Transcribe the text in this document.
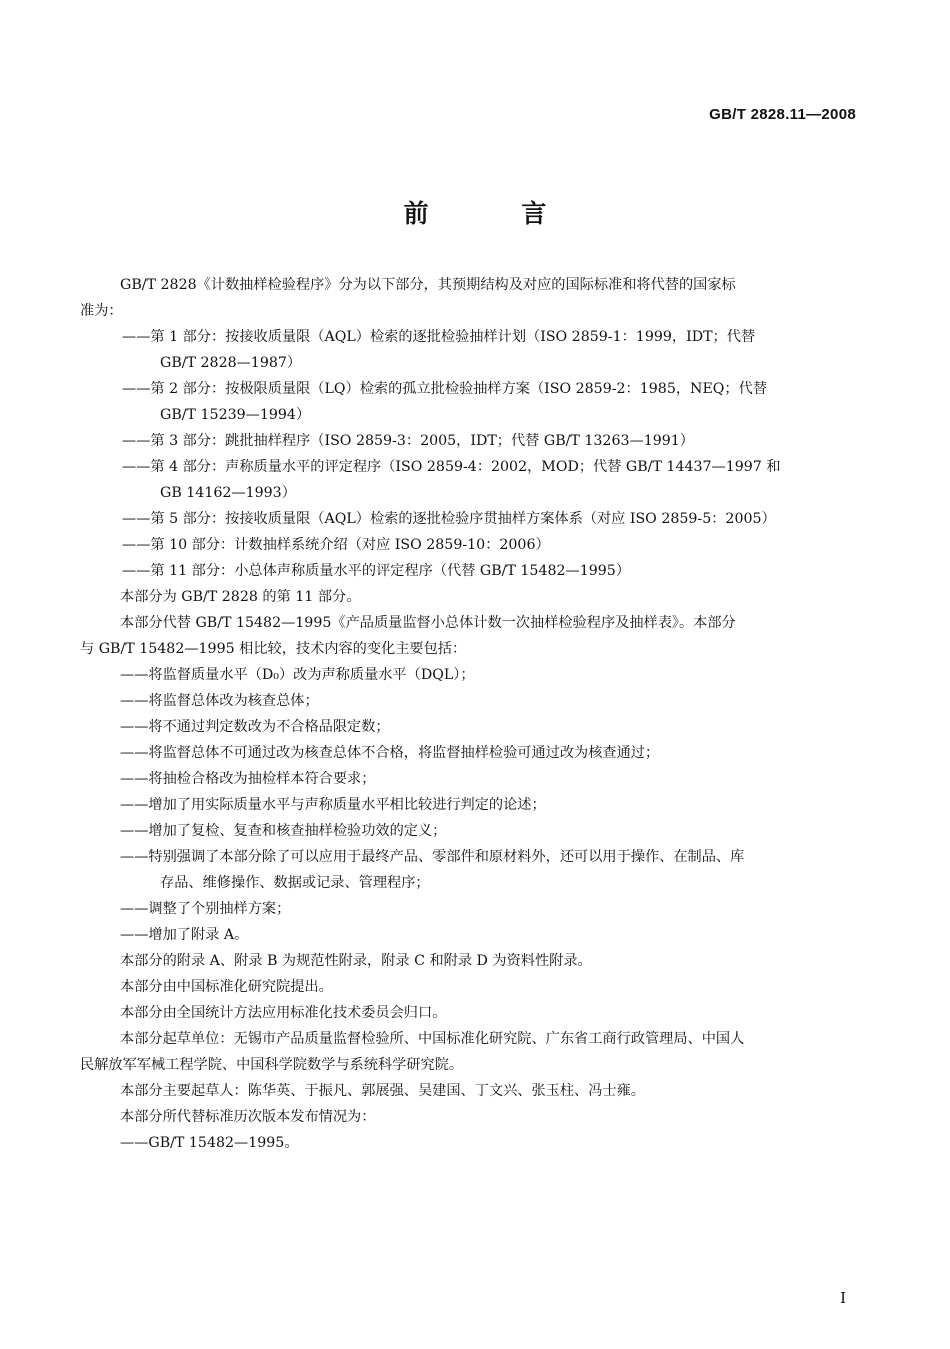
GB/T 2828.11—2008
前 言

GB/T 2828《计数抽样检验程序》分为以下部分，其预期结构及对应的国际标准和将代替的国家标

准为：

——第 1 部分：按接收质量限（AQL）检索的逐批检验抽样计划（ISO 2859-1：1999，IDT；代替

GB/T 2828—1987）

——第 2 部分：按极限质量限（LQ）检索的孤立批检验抽样方案（ISO 2859-2：1985，NEQ；代替

GB/T 15239—1994）

——第 3 部分：跳批抽样程序（ISO 2859-3：2005，IDT；代替 GB/T 13263—1991）

——第 4 部分：声称质量水平的评定程序（ISO 2859-4：2002，MOD；代替 GB/T 14437—1997 和

GB 14162—1993）

——第 5 部分：按接收质量限（AQL）检索的逐批检验序贯抽样方案体系（对应 ISO 2859-5：2005）

——第 10 部分：计数抽样系统介绍（对应 ISO 2859-10：2006）

——第 11 部分：小总体声称质量水平的评定程序（代替 GB/T 15482—1995）

本部分为 GB/T 2828 的第 11 部分。

本部分代替 GB/T 15482—1995《产品质量监督小总体计数一次抽样检验程序及抽样表》。本部分

与 GB/T 15482—1995 相比较，技术内容的变化主要包括：

——将监督质量水平（D₀）改为声称质量水平（DQL）；

——将监督总体改为核查总体；

——将不通过判定数改为不合格品限定数；

——将监督总体不可通过改为核查总体不合格，将监督抽样检验可通过改为核查通过；

——将抽检合格改为抽检样本符合要求；

——增加了用实际质量水平与声称质量水平相比较进行判定的论述；

——增加了复检、复查和核查抽样检验功效的定义；

——特别强调了本部分除了可以应用于最终产品、零部件和原材料外，还可以用于操作、在制品、库

存品、维修操作、数据或记录、管理程序；

——调整了个别抽样方案；

——增加了附录 A。

本部分的附录 A、附录 B 为规范性附录，附录 C 和附录 D 为资料性附录。

本部分由中国标准化研究院提出。

本部分由全国统计方法应用标准化技术委员会归口。

本部分起草单位：无锡市产品质量监督检验所、中国标准化研究院、广东省工商行政管理局、中国人

民解放军军械工程学院、中国科学院数学与系统科学研究院。

本部分主要起草人：陈华英、于振凡、郭展强、吴建国、丁文兴、张玉柱、冯士雍。

本部分所代替标准历次版本发布情况为：

——GB/T 15482—1995。

I
